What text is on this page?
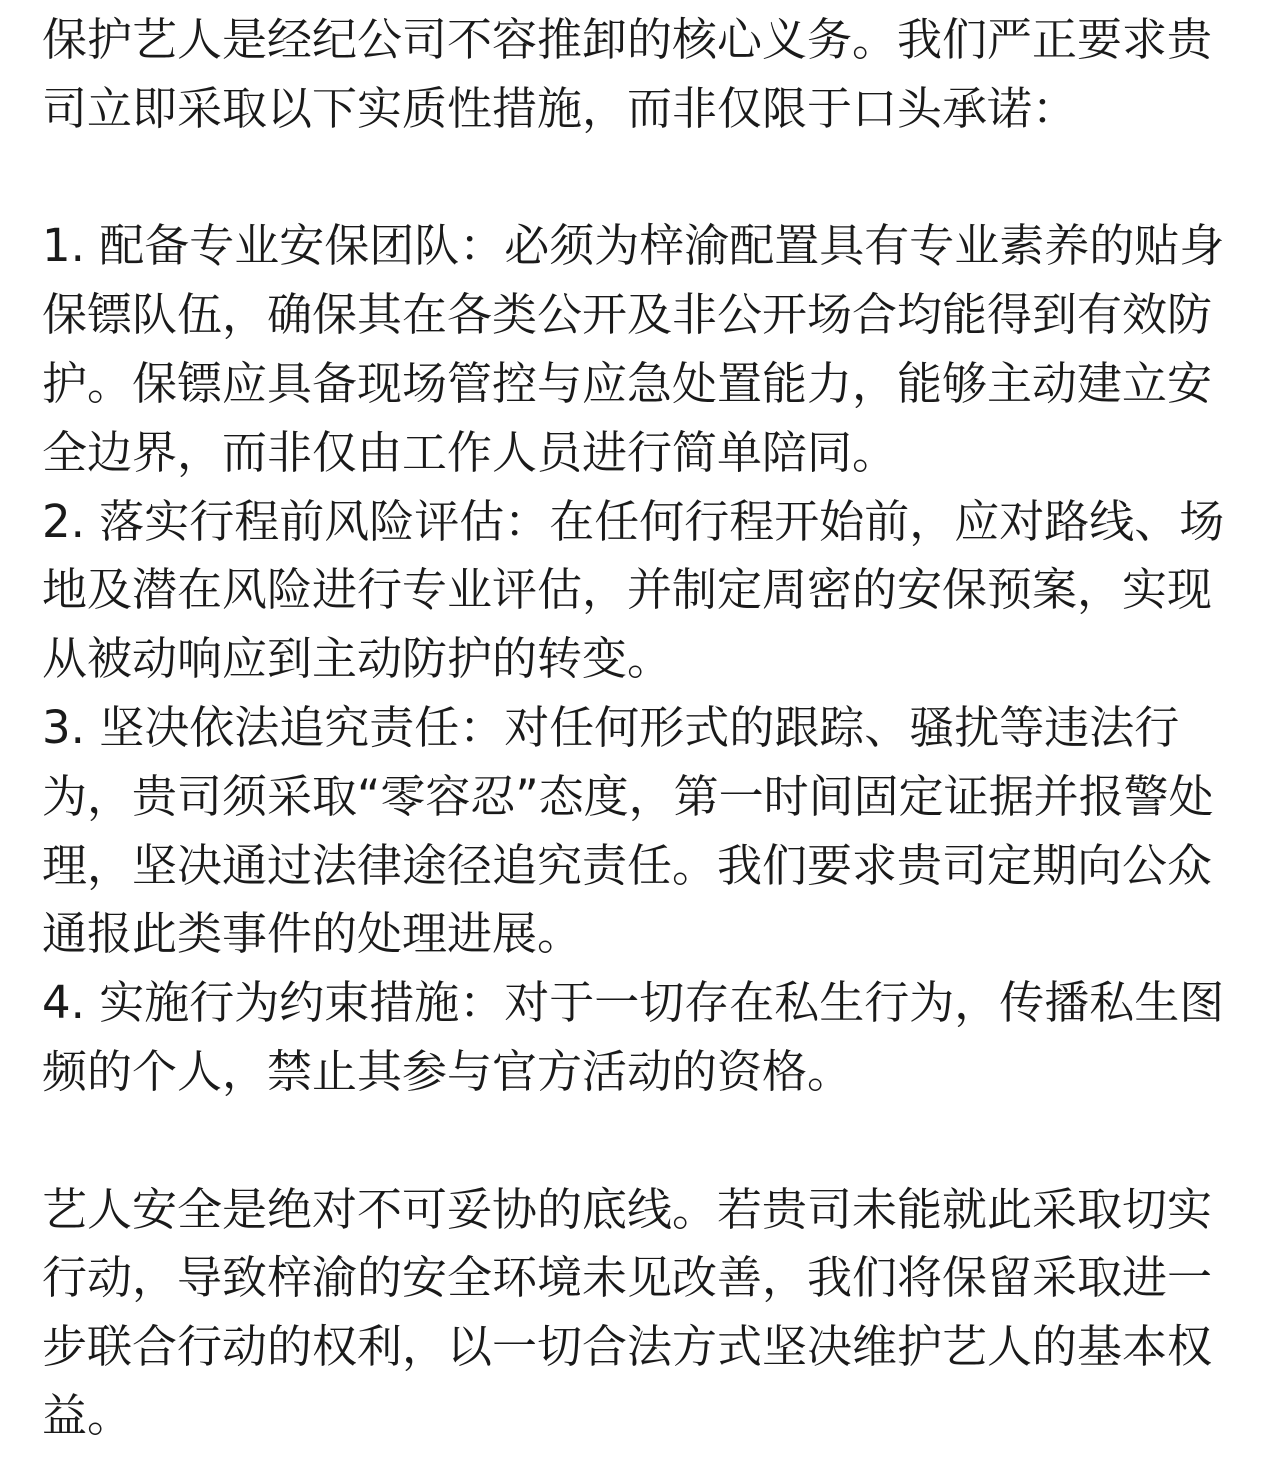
保护艺人是经纪公司不容推卸的核心义务。我们严正要求贵司立即采取以下实质性措施，而非仅限于口头承诺：

1. 配备专业安保团队：必须为梓渝配置具有专业素养的贴身保镖队伍，确保其在各类公开及非公开场合均能得到有效防护。保镖应具备现场管控与应急处置能力，能够主动建立安全边界，而非仅由工作人员进行简单陪同。

2. 落实行程前风险评估：在任何行程开始前，应对路线、场地及潜在风险进行专业评估，并制定周密的安保预案，实现从被动响应到主动防护的转变。

3. 坚决依法追究责任：对任何形式的跟踪、骚扰等违法行为，贵司须采取“零容忍”态度，第一时间固定证据并报警处理，坚决通过法律途径追究责任。我们要求贵司定期向公众通报此类事件的处理进展。

4. 实施行为约束措施：对于一切存在私生行为，传播私生图频的个人，禁止其参与官方活动的资格。

艺人安全是绝对不可妥协的底线。若贵司未能就此采取切实行动，导致梓渝的安全环境未见改善，我们将保留采取进一步联合行动的权利，以一切合法方式坚决维护艺人的基本权益。
